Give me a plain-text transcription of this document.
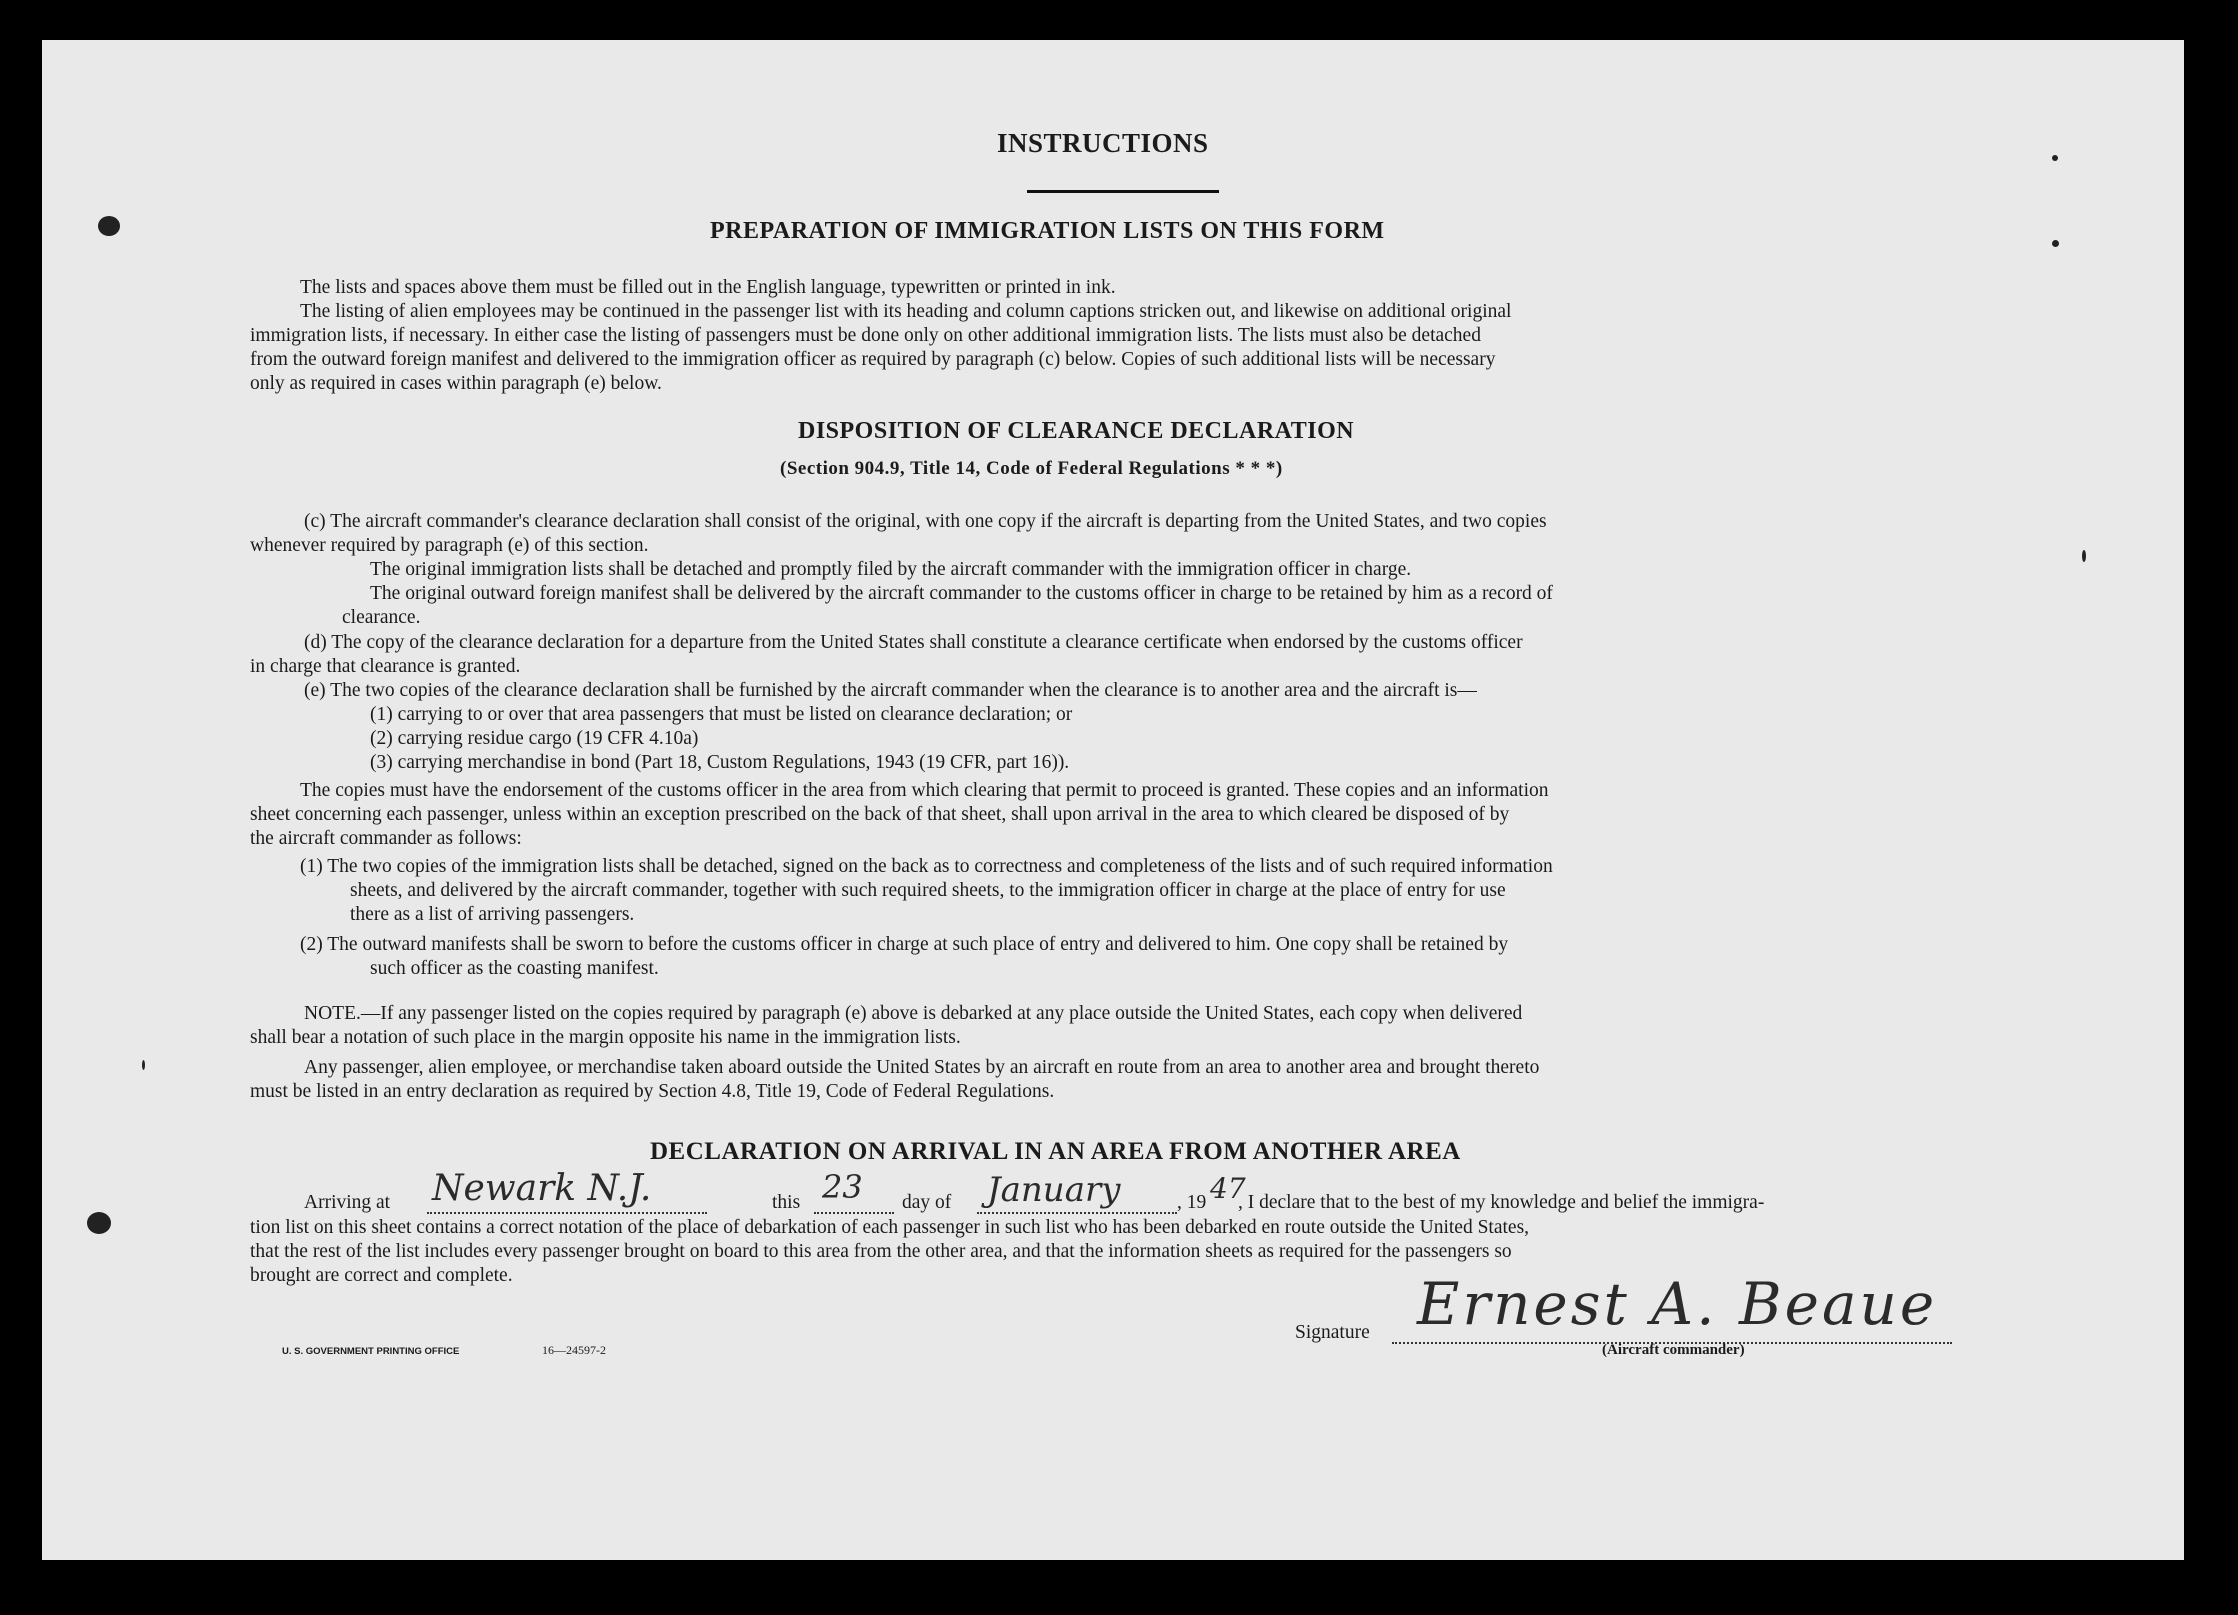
INSTRUCTIONS
PREPARATION OF IMMIGRATION LISTS ON THIS FORM

The lists and spaces above them must be filled out in the English language, typewritten or printed in ink.

The listing of alien employees may be continued in the passenger list with its heading and column captions stricken out, and likewise on additional original

immigration lists, if necessary. In either case the listing of passengers must be done only on other additional immigration lists. The lists must also be detached

from the outward foreign manifest and delivered to the immigration officer as required by paragraph (c) below. Copies of such additional lists will be necessary

only as required in cases within paragraph (e) below.

DISPOSITION OF CLEARANCE DECLARATION
(Section 904.9, Title 14, Code of Federal Regulations * * *)

(c) The aircraft commander's clearance declaration shall consist of the original, with one copy if the aircraft is departing from the United States, and two copies

whenever required by paragraph (e) of this section.

The original immigration lists shall be detached and promptly filed by the aircraft commander with the immigration officer in charge.

The original outward foreign manifest shall be delivered by the aircraft commander to the customs officer in charge to be retained by him as a record of

clearance.

(d) The copy of the clearance declaration for a departure from the United States shall constitute a clearance certificate when endorsed by the customs officer

in charge that clearance is granted.

(e) The two copies of the clearance declaration shall be furnished by the aircraft commander when the clearance is to another area and the aircraft is—

(1) carrying to or over that area passengers that must be listed on clearance declaration; or

(2) carrying residue cargo (19 CFR 4.10a)

(3) carrying merchandise in bond (Part 18, Custom Regulations, 1943 (19 CFR, part 16)).

The copies must have the endorsement of the customs officer in the area from which clearing that permit to proceed is granted. These copies and an information

sheet concerning each passenger, unless within an exception prescribed on the back of that sheet, shall upon arrival in the area to which cleared be disposed of by

the aircraft commander as follows:

(1) The two copies of the immigration lists shall be detached, signed on the back as to correctness and completeness of the lists and of such required information

sheets, and delivered by the aircraft commander, together with such required sheets, to the immigration officer in charge at the place of entry for use

there as a list of arriving passengers.

(2) The outward manifests shall be sworn to before the customs officer in charge at such place of entry and delivered to him. One copy shall be retained by

such officer as the coasting manifest.

NOTE.—If any passenger listed on the copies required by paragraph (e) above is debarked at any place outside the United States, each copy when delivered

shall bear a notation of such place in the margin opposite his name in the immigration lists.

Any passenger, alien employee, or merchandise taken aboard outside the United States by an aircraft en route from an area to another area and brought thereto

must be listed in an entry declaration as required by Section 4.8, Title 19, Code of Federal Regulations.

DECLARATION ON ARRIVAL IN AN AREA FROM ANOTHER AREA
Arriving at Newark N.J.	this 23 day of January	, 19 47
, I declare that to the best of my knowledge and belief the immigra-

tion list on this sheet contains a correct notation of the place of debarkation of each passenger in such list who has been debarked en route outside the United States,

that the rest of the list includes every passenger brought on board to this area from the other area, and that the information sheets as required for the passengers so

brought are correct and complete.

Signature Ernest A. Beaue
(Aircraft commander)
U. S. GOVERNMENT PRINTING OFFICE	16—24597-2
